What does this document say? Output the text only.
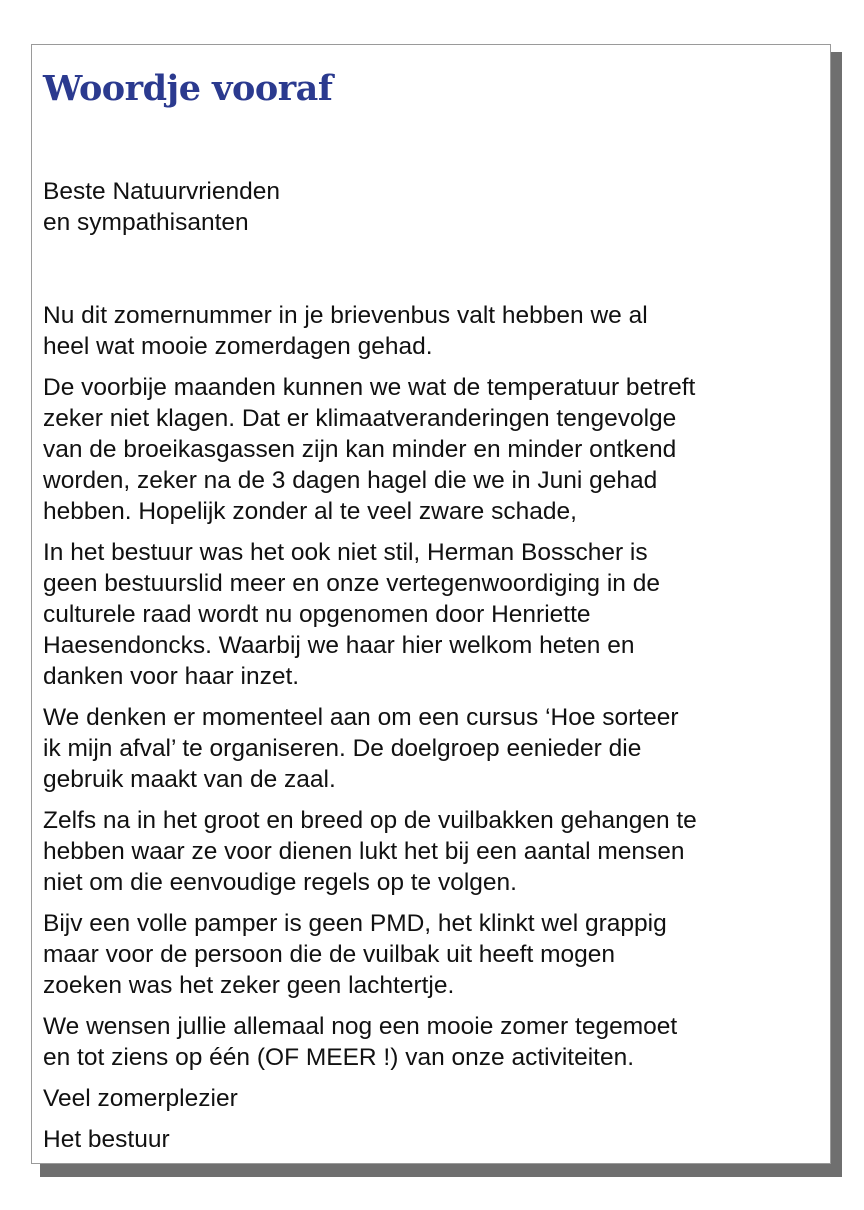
Woordje vooraf

Beste Natuurvrienden
en sympathisanten

Nu dit zomernummer in je brievenbus valt hebben we al
heel wat mooie zomerdagen gehad.

De voorbije maanden kunnen we wat de temperatuur betreft
zeker niet klagen. Dat er klimaatveranderingen tengevolge
van de broeikasgassen zijn kan minder en minder ontkend
worden, zeker na de 3 dagen hagel die we in Juni gehad
hebben. Hopelijk zonder al te veel zware schade,

In het bestuur was het ook niet stil, Herman Bosscher is
geen bestuurslid meer en onze vertegenwoordiging in de
culturele raad wordt nu opgenomen door Henriette
Haesendoncks. Waarbij we haar hier welkom heten en
danken voor haar inzet.

We denken er momenteel aan om een cursus ‘Hoe sorteer
ik mijn afval’ te organiseren. De doelgroep eenieder die
gebruik maakt van de zaal.

Zelfs na in het groot en breed op de vuilbakken gehangen te
hebben waar ze voor dienen lukt het bij een aantal mensen
niet om die eenvoudige regels op te volgen.

Bijv een volle pamper is geen PMD, het klinkt wel grappig
maar voor de persoon die de vuilbak uit heeft mogen
zoeken was het zeker geen lachtertje.

We wensen jullie allemaal nog een mooie zomer tegemoet
en tot ziens op één (OF MEER !) van onze activiteiten.

Veel zomerplezier

Het bestuur
